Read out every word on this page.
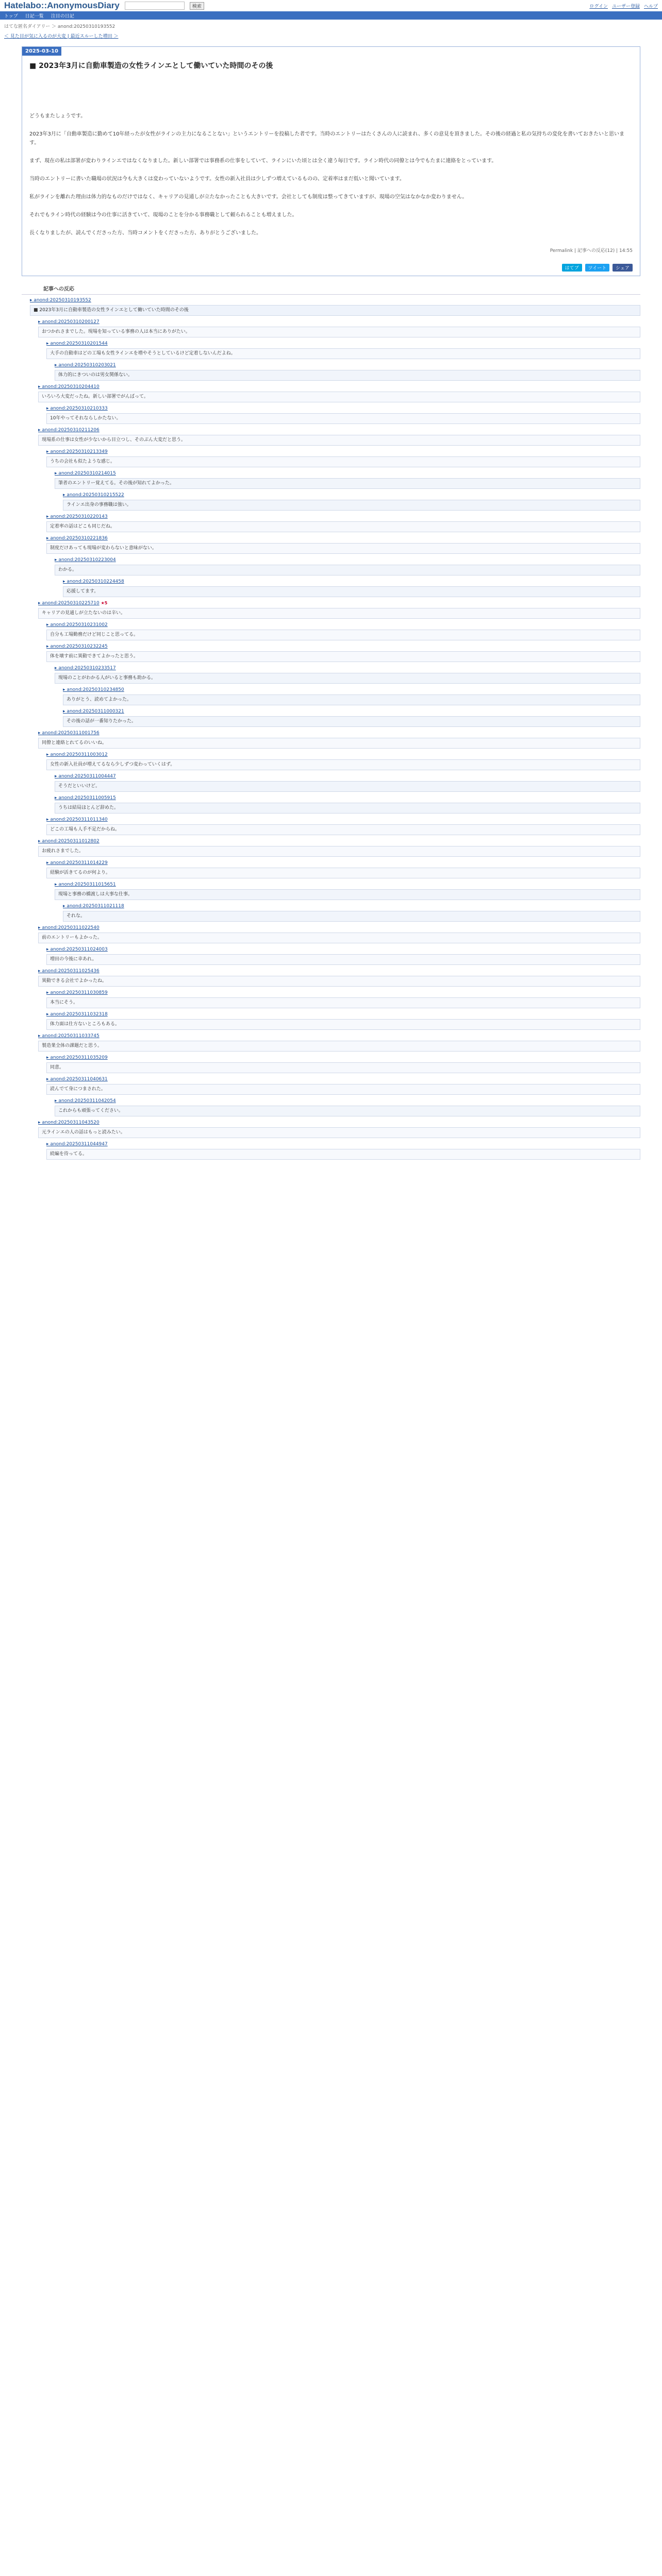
Hatelabo::AnonymousDiary	検索	ログイン ユーザー登録 ヘルプ
トップ 日記一覧 注目の日記
はてな匿名ダイアリー ＞ anond:20250310193552
＜ 見た目が気に入るのが大変 | 最近スルーした増田 ＞
2025-03-10
■ 2023年3月に自動車製造の女性ラインエとして働いていた時間のその後

どうもまたしょうです。

2023年3月に「自動車製造に勤めて10年経ったが女性がラインの主力になることない」というエントリーを投稿した者です。当時のエントリーはたくさんの人に読まれ、多くの意見を頂きました。その後の経過と私の気持ちの変化を書いておきたいと思います。

まず、現在の私は部署が変わりラインエではなくなりました。新しい部署では事務系の仕事をしていて、ラインにいた頃とは全く違う毎日です。ライン時代の同僚とは今でもたまに連絡をとっています。

当時のエントリーに書いた職場の状況は今も大きくは変わっていないようです。女性の新入社員は少しずつ増えているものの、定着率はまだ低いと聞いています。

私がラインを離れた理由は体力的なものだけではなく、キャリアの見通しが立たなかったことも大きいです。会社としても制度は整ってきていますが、現場の空気はなかなか変わりません。

それでもライン時代の経験は今の仕事に活きていて、現場のことを分かる事務職として頼られることも増えました。

長くなりましたが、読んでくださった方、当時コメントをくださった方、ありがとうございました。

Permalink | 記事への反応(12) | 14:55
はてブ	ツイート	シェア
記事への反応
▸ anond:20250310193552
■ 2023年3月に自動車製造の女性ラインエとして働いていた時間のその後
▸ anond:20250310200127
おつかれさまでした。現場を知っている事務の人は本当にありがたい。
▸ anond:20250310201544
大手の自動車はどの工場も女性ラインエを増やそうとしているけど定着しないんだよね。
▸ anond:20250310203021
体力的にきついのは男女関係ない。
▸ anond:20250310204410
いろいろ大変だったね。新しい部署でがんばって。
▸ anond:20250310210333
10年やってそれならしかたない。
▸ anond:20250310211206
現場系の仕事は女性が少ないから目立つし、そのぶん大変だと思う。
▸ anond:20250310213349
うちの会社も似たような感じ。
▸ anond:20250310214015
筆者のエントリー覚えてる。その後が知れてよかった。
▸ anond:20250310215522
ラインエ出身の事務職は強い。
▸ anond:20250310220143
定着率の話はどこも同じだね。
▸ anond:20250310221836
制度だけあっても現場が変わらないと意味がない。
▸ anond:20250310223004
わかる。
▸ anond:20250310224458
応援してます。
▸ anond:20250310225710 ★5
キャリアの見通しが立たないのは辛い。
▸ anond:20250310231002
自分も工場勤務だけど同じこと思ってる。
▸ anond:20250310232245
体を壊す前に異動できてよかったと思う。
▸ anond:20250310233517
現場のことがわかる人がいると事務も助かる。
▸ anond:20250310234850
ありがとう、読めてよかった。
▸ anond:20250311000321
その後の話が一番知りたかった。
▸ anond:20250311001756
同僚と連絡とれてるのいいね。
▸ anond:20250311003012
女性の新入社員が増えてるなら少しずつ変わっていくはず。
▸ anond:20250311004447
そうだといいけど。
▸ anond:20250311005915
うちは結局ほとんど辞めた。
▸ anond:20250311011340
どこの工場も人手不足だからね。
▸ anond:20250311012802
お疲れさまでした。
▸ anond:20250311014229
経験が活きてるのが何より。
▸ anond:20250311015651
現場と事務の橋渡しは大事な仕事。
▸ anond:20250311021118
それな。
▸ anond:20250311022540
前のエントリーもよかった。
▸ anond:20250311024003
増田の今後に幸あれ。
▸ anond:20250311025436
異動できる会社でよかったね。
▸ anond:20250311030859
本当にそう。
▸ anond:20250311032318
体力面は仕方ないところもある。
▸ anond:20250311033745
製造業全体の課題だと思う。
▸ anond:20250311035209
同意。
▸ anond:20250311040631
読んでて身につまされた。
▸ anond:20250311042054
これからも頑張ってください。
▸ anond:20250311043520
元ラインエの人の話はもっと読みたい。
▸ anond:20250311044947
続編を待ってる。
